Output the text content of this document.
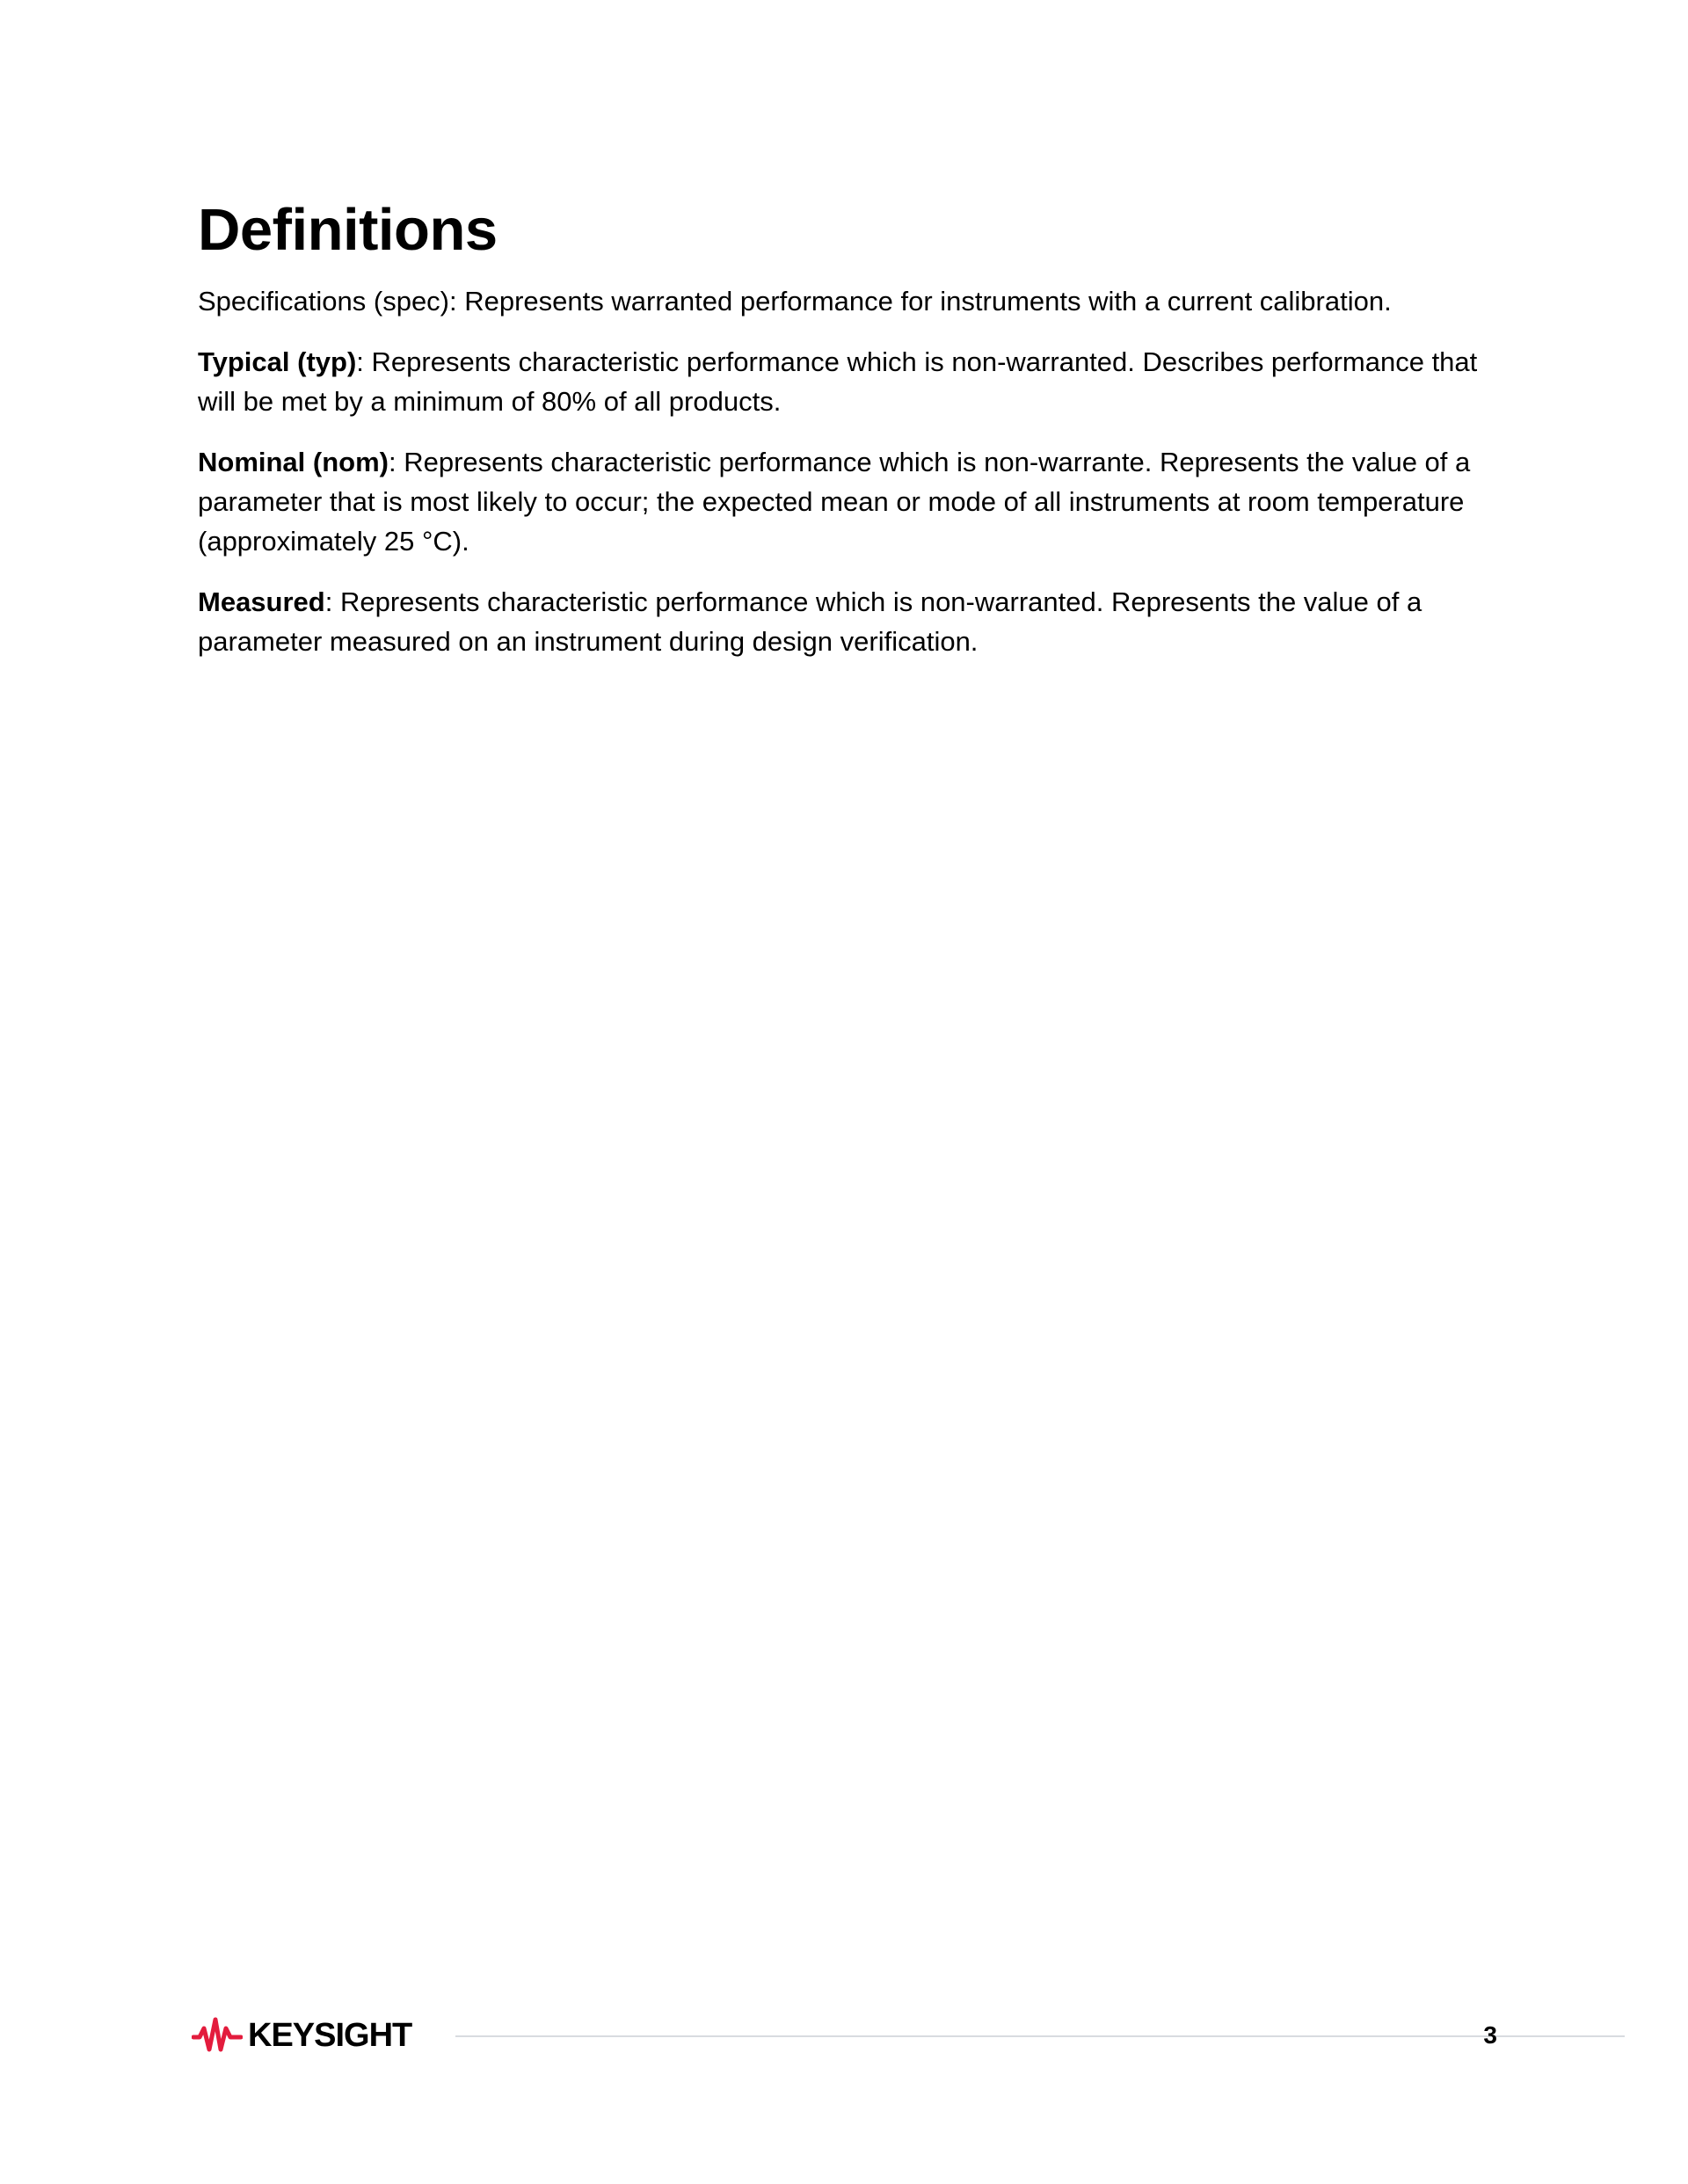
Definitions

Specifications (spec): Represents warranted performance for instruments with a current calibration.

Typical (typ): Represents characteristic performance which is non-warranted. Describes performance that will be met by a minimum of 80% of all products.

Nominal (nom): Represents characteristic performance which is non-warrante. Represents the value of a parameter that is most likely to occur; the expected mean or mode of all instruments at room temperature (approximately 25 °C).

Measured: Represents characteristic performance which is non-warranted. Represents the value of a parameter measured on an instrument during design verification.

KEYSIGHT	3
